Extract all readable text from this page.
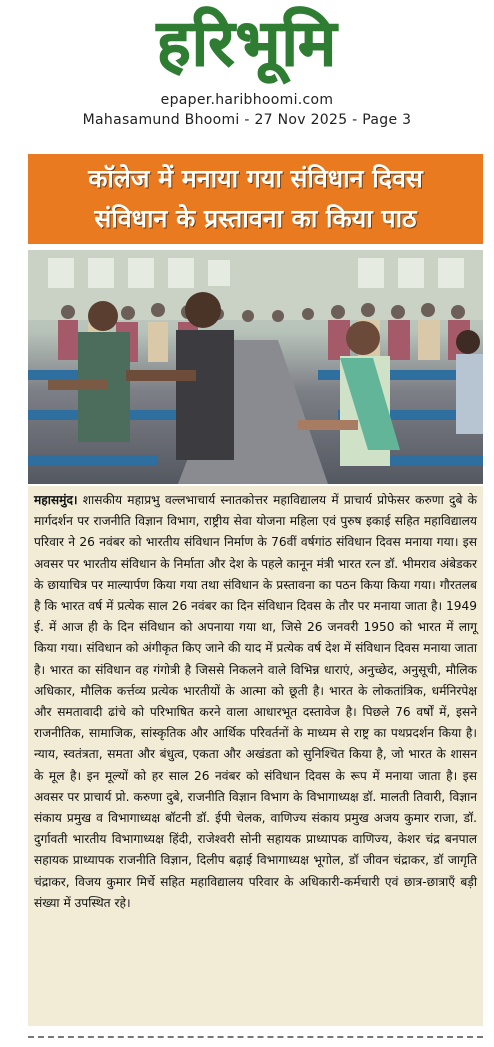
हरिभूमि
epaper.haribhoomi.com
Mahasamund Bhoomi - 27 Nov 2025 - Page 3
कॉलेज में मनाया गया संविधान दिवस
संविधान के प्रस्तावना का किया पाठ

महासमुंद। शासकीय महाप्रभु वल्लभाचार्य स्नातकोत्तर महाविद्यालय में प्राचार्य प्रोफेसर करुणा दुबे के मार्गदर्शन पर राजनीति विज्ञान विभाग, राष्ट्रीय सेवा योजना महिला एवं पुरुष इकाई सहित महाविद्यालय परिवार ने 26 नवंबर को भारतीय संविधान निर्माण के 76वीं वर्षगांठ संविधान दिवस मनाया गया। इस अवसर पर भारतीय संविधान के निर्माता और देश के पहले कानून मंत्री भारत रत्न डॉ. भीमराव अंबेडकर के छायाचित्र पर माल्यार्पण किया गया तथा संविधान के प्रस्तावना का पठन किया किया गया। गौरतलब है कि भारत वर्ष में प्रत्येक साल 26 नवंबर का दिन संविधान दिवस के तौर पर मनाया जाता है। 1949 ई. में आज ही के दिन संविधान को अपनाया गया था, जिसे 26 जनवरी 1950 को भारत में लागू किया गया। संविधान को अंगीकृत किए जाने की याद में प्रत्येक वर्ष देश में संविधान दिवस मनाया जाता है। भारत का संविधान वह गंगोत्री है जिससे निकलने वाले विभिन्न धाराएं, अनुच्छेद, अनुसूची, मौलिक अधिकार, मौलिक कर्त्तव्य प्रत्येक भारतीयों के आत्मा को छूती है। भारत के लोकतांत्रिक, धर्मनिरपेक्ष और समतावादी ढांचे को परिभाषित करने वाला आधारभूत दस्तावेज है। पिछले 76 वर्षों में, इसने राजनीतिक, सामाजिक, सांस्कृतिक और आर्थिक परिवर्तनों के माध्यम से राष्ट्र का पथप्रदर्शन किया है। न्याय, स्वतंत्रता, समता और बंधुत्व, एकता और अखंडता को सुनिश्चित किया है, जो भारत के शासन के मूल है। इन मूल्यों को हर साल 26 नवंबर को संविधान दिवस के रूप में मनाया जाता है। इस अवसर पर प्राचार्य प्रो. करुणा दुबे, राजनीति विज्ञान विभाग के विभागाध्यक्ष डॉ. मालती तिवारी, विज्ञान संकाय प्रमुख व विभागाध्यक्ष बॉटनी डॉ. ईपी चेलक, वाणिज्य संकाय प्रमुख अजय कुमार राजा, डॉ. दुर्गावती भारतीय विभागाध्यक्ष हिंदी, राजेश्वरी सोनी सहायक प्राध्यापक वाणिज्य, केशर चंद्र बनपाल सहायक प्राध्यापक राजनीति विज्ञान, दिलीप बढ़ाई विभागाध्यक्ष भूगोल, डॉ जीवन चंद्राकर, डॉ जागृति चंद्राकर, विजय कुमार मिर्चे सहित महाविद्यालय परिवार के अधिकारी-कर्मचारी एवं छात्र-छात्राएँ बड़ी संख्या में उपस्थित रहे।
